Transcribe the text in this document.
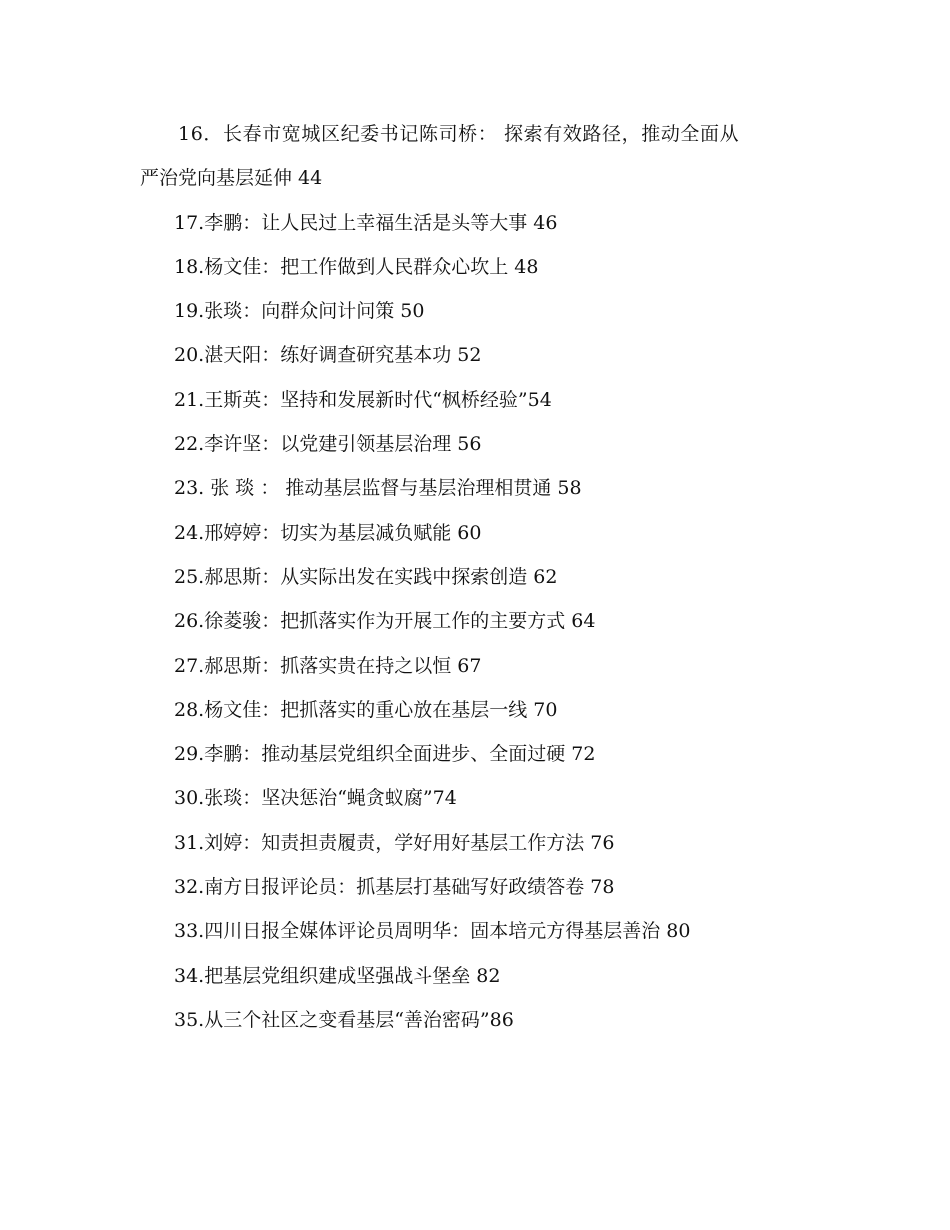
16．长春市宽城区纪委书记陈司桥： 探索有效路径，推动全面从
严治党向基层延伸 44
17.李鹏：让人民过上幸福生活是头等大事 46
18.杨文佳：把工作做到人民群众心坎上 48
19.张琰：向群众问计问策 50
20.湛天阳：练好调查研究基本功 52
21.王斯英：坚持和发展新时代“枫桥经验”54
22.李许坚：以党建引领基层治理 56
23. 张 琰 ： 推动基层监督与基层治理相贯通 58
24.邢婷婷：切实为基层减负赋能 60
25.郝思斯：从实际出发在实践中探索创造 62
26.徐菱骏：把抓落实作为开展工作的主要方式 64
27.郝思斯：抓落实贵在持之以恒 67
28.杨文佳：把抓落实的重心放在基层一线 70
29.李鹏：推动基层党组织全面进步、全面过硬 72
30.张琰：坚决惩治“蝇贪蚁腐”74
31.刘婷：知责担责履责，学好用好基层工作方法 76
32.南方日报评论员：抓基层打基础写好政绩答卷 78
33.四川日报全媒体评论员周明华：固本培元方得基层善治 80
34.把基层党组织建成坚强战斗堡垒 82
35.从三个社区之变看基层“善治密码”86
